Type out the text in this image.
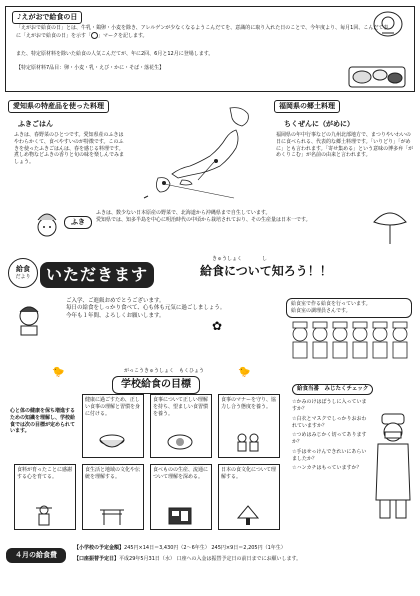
♪えがおで給食の日
「えがおで給食の日」とは、牛乳・鶏卵・小麦を除き、アレルゲンが少なくなるようこんだてを、意識的に取り入れた日のことで、今年度より、毎月1回、こんだて表に「えがおで給食の日」を示す「 」マークを記します。
また、特定原材料を除いた給食の人気こんだてが、年に2回、6月と12月に登場します。
【特定原材料7品目：卵・小麦・乳・えび・かに・そば・落花生】
愛知県の特産品を使った料理	福岡県の郷土料理
ふきごはん
ふきは、春野菜のひとつです。愛知県産のふきはやわらかくて、食べやすいのが特徴です。このふきを使ったふきごはんは、春を感じる料理です。
煮しめ物などふきの香りと旬の味を楽しんでみましょう。
ちくぜんに（がめに）
福岡県の年中行事などの九州北部地方で、まつりやいわいの日に食べられる、代表的な郷土料理です。「いりどり」「がめに」とも言われます。「寄せ集める」という意味の博多弁「がめくりこむ」が名前の由来と言われます。
ふき
ふきは、数少ない日本原産の野菜で、北海道から沖縄県まで自生しています。
愛知県では、知多半島を中心に明治時代の中頃から栽培されており、その生産量は日本一です。
給食
だより いただきます
きゅうしょく　　　　し
給食について知ろう！！
ご入学、ご進級おめでとうございます。
毎日の給食をしっかり食べて、心も体も元気に過ごしましょう。
今年も１年間、よろしくお願いします。
✿
給食室で作る給食を行っています。
給食室の調理員さんです。
🐤	🐤
がっこうきゅうしょく　もくひょう
学校給食の目標
心と体の健康を保ち増進するための知識を理解し、学校給食では次の目標が定められています。
健康に過ごすため、正しい食事の理解と習慣を身に付ける。
食事について正しい理解を持ち、望ましい食習慣を養う。
食事のマナーを守り、協力し合う態度を養う。
食料が育ったことに感謝する心を育てる。
食生活と地域の文化や伝統を理解する。
食べものの生産、流通について理解を深める。
日本の食文化について理解する。
給食当番　みじたくチェック
☆かみのけはぼうしに入っていますか？
☆白衣とマスクでしっかりおおわれていますか？
☆つめはみじかく切ってありますか？
☆手はせっけんできれいにあらいましたか？
☆ハンカチはもっていますか？
４月の給食費
【小学校の予定金額】245円×14日＝3,430円（2〜6年生） 245円×9日＝2,205円（1年生）
【口座振替予定日】平成29年5月31日（水） 口座への入金は振替予定日の前日までにお願いします。
